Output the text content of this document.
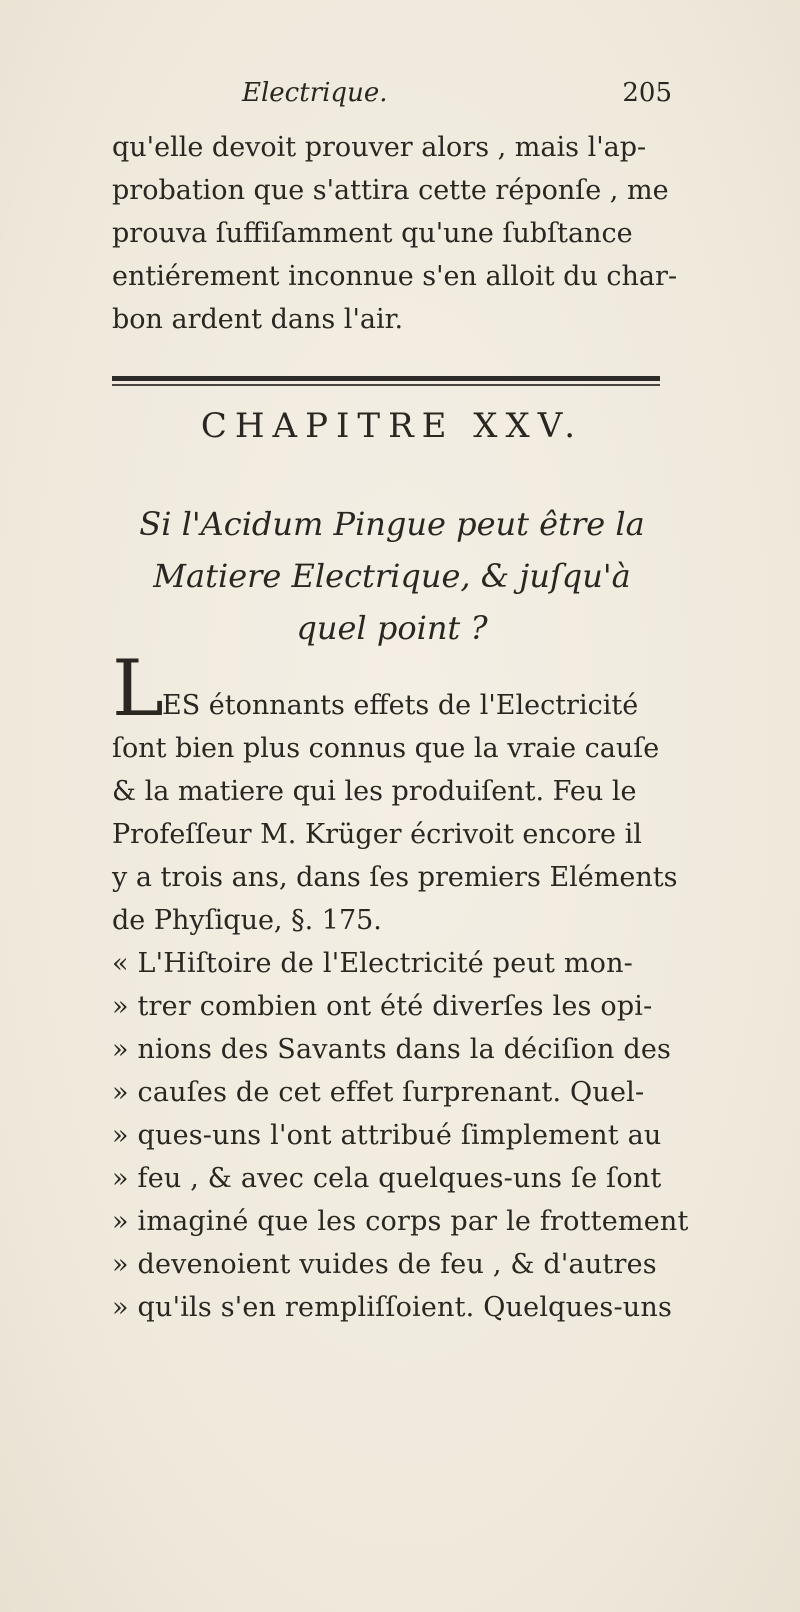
Electrique.	205
qu'elle devoit prouver alors , mais l'ap-
probation que s'attira cette réponſe , me
prouva ſuffiſamment qu'une ſubſtance
entiérement inconnue s'en alloit du char-
bon ardent dans l'air.
CHAPITRE XXV.
Si l'Acidum Pingue peut être la
Matiere Electrique, & juſqu'à
quel point ?
L
ES étonnants effets de l'Electricité
ſont bien plus connus que la vraie cauſe
& la matiere qui les produiſent. Feu le
Profeſſeur M. Krüger écrivoit encore il
y a trois ans, dans ſes premiers Eléments
de Phyſique, §. 175.
« L'Hiſtoire de l'Electricité peut mon-
» trer combien ont été diverſes les opi-
» nions des Savants dans la déciſion des
» cauſes de cet effet ſurprenant. Quel-
» ques-uns l'ont attribué ſimplement au
» feu , & avec cela quelques-uns ſe ſont
» imaginé que les corps par le frottement
» devenoient vuides de feu , & d'autres
» qu'ils s'en rempliſſoient. Quelques-uns
